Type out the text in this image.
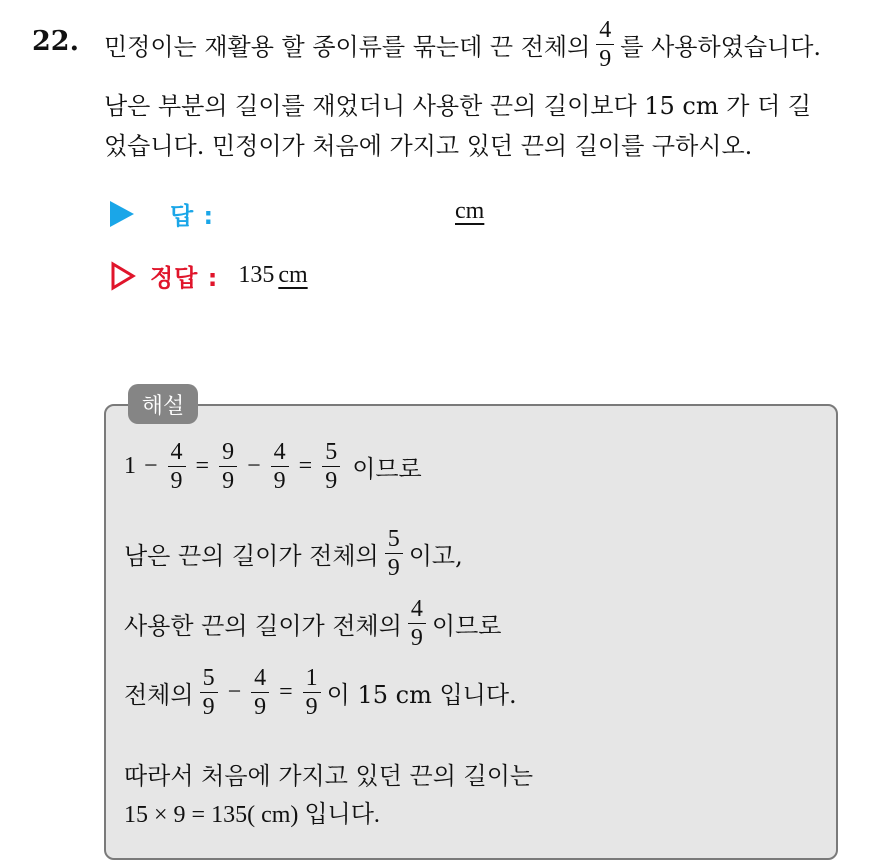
22. 민정이는 재활용 할 종이류를 묶는데 끈 전체의 $\frac{4}{9}$ 를 사용하였습니다.
남은 부분의 길이를 재었더니 사용한 끈의 길이보다 15 cm 가 더 길
었습니다. 민정이가 처음에 가지고 있던 끈의 길이를 구하시오.
답 :	cm
정답 : 135 cm
해설
$1 - \frac{4}{9} = \frac{9}{9} - \frac{4}{9} = \frac{5}{9}$ 이므로
남은 끈의 길이가 전체의 $\frac{5}{9}$ 이고,
사용한 끈의 길이가 전체의 $\frac{4}{9}$ 이므로
전체의 $\frac{5}{9} - \frac{4}{9} = \frac{1}{9}$ 이 15 cm 입니다.
따라서 처음에 가지고 있던 끈의 길이는
15 × 9 = 135( cm) 입니다.
